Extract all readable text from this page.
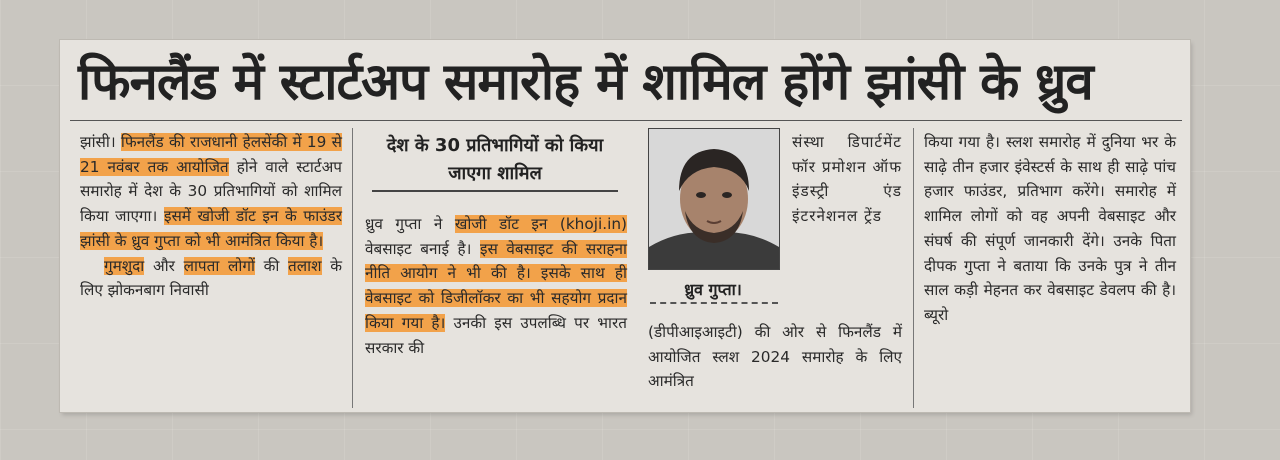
फिनलैंड में स्टार्टअप समारोह में शामिल होंगे झांसी के ध्रुव

झांसी। फिनलैंड की राजधानी हेलसेंकी में 19 से 21 नवंबर तक आयोजित होने वाले स्टार्टअप समारोह में देश के 30 प्रतिभागियों को शामिल किया जाएगा। इसमें खोजी डॉट इन के फाउंडर झांसी के ध्रुव गुप्ता को भी आमंत्रित किया है।

गुमशुदा और लापता लोगों की तलाश के लिए झोकनबाग निवासी

देश के 30 प्रतिभागियों को किया जाएगा शामिल

ध्रुव गुप्ता ने खोजी डॉट इन (khoji.in) वेबसाइट बनाई है। इस वेबसाइट की सराहना नीति आयोग ने भी की है। इसके साथ ही वेबसाइट को डिजीलॉकर का भी सहयोग प्रदान किया गया है। उनकी इस उपलब्धि पर भारत सरकार की

ध्रुव गुप्ता।
संस्था डिपार्टमेंट फॉर प्रमोशन ऑफ इंडस्ट्री एंड इंटरनेशनल ट्रेंड
(डीपीआइआइटी) की ओर से फिनलैंड में आयोजित स्लश 2024 समारोह के लिए आमंत्रित
किया गया है। स्लश समारोह में दुनिया भर के साढ़े तीन हजार इंवेस्टर्स के साथ ही साढ़े पांच हजार फाउंडर, प्रतिभाग करेंगे। समारोह में शामिल लोगों को वह अपनी वेबसाइट और संघर्ष की संपूर्ण जानकारी देंगे। उनके पिता दीपक गुप्ता ने बताया कि उनके पुत्र ने तीन साल कड़ी मेहनत कर वेबसाइट डेवलप की है। ब्यूरो
